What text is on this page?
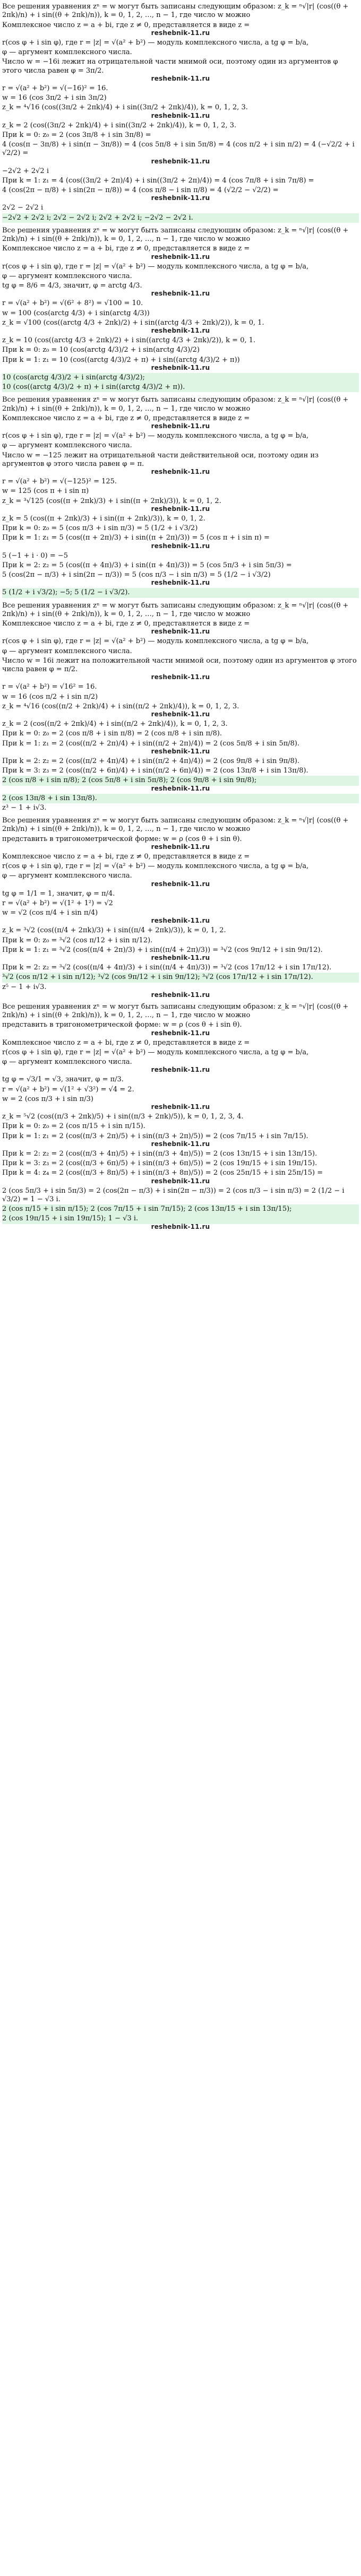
Все решения уравнения zⁿ = w могут быть записаны следующим образом: z_k = ⁿ√|r| (cos((θ + 2πk)/n) + i sin((θ + 2πk)/n)), k = 0, 1, 2, …, n − 1, где число w можно
Комплексное число z = a + bi, где z ≠ 0, представляется в виде z =
reshebnik-11.ru
r(cos φ + i sin φ), где r = |z| = √(a² + b²) — модуль комплексного числа, а tg φ = b/a,
φ — аргумент комплексного числа.
Число w = −16i лежит на отрицательной части мнимой оси, поэтому один из аргументов φ этого числа равен φ = 3π/2.
reshebnik-11.ru
r = √(a² + b²) = √(−16)² = 16.
w = 16 (cos 3π/2 + i sin 3π/2)
z_k = ⁴√16 (cos((3π/2 + 2πk)/4) + i sin((3π/2 + 2πk)/4)), k = 0, 1, 2, 3.
reshebnik-11.ru
z_k = 2 (cos((3π/2 + 2πk)/4) + i sin((3π/2 + 2πk)/4)), k = 0, 1, 2, 3.
При k = 0: z₀ = 2 (cos 3π/8 + i sin 3π/8) =
4 (cos(π − 3π/8) + i sin(π − 3π/8)) = 4 (cos 5π/8 + i sin 5π/8) = 4 (cos π/2 + i sin π/2) = 4 (−√2/2 + i √2/2) =
reshebnik-11.ru
−2√2 + 2√2 i
При k = 1: z₁ = 4 (cos((3π/2 + 2π)/4) + i sin((3π/2 + 2π)/4)) = 4 (cos 7π/8 + i sin 7π/8) =
4 (cos(2π − π/8) + i sin(2π − π/8)) = 4 (cos π/8 − i sin π/8) = 4 (√2/2 − √2/2) =
reshebnik-11.ru
2√2 − 2√2 i
−2√2 + 2√2 i; 2√2 − 2√2 i; 2√2 + 2√2 i; −2√2 − 2√2 i.
Все решения уравнения zⁿ = w могут быть записаны следующим образом: z_k = ⁿ√|r| (cos((θ + 2πk)/n) + i sin((θ + 2πk)/n)), k = 0, 1, 2, …, n − 1, где число w можно
Комплексное число z = a + bi, где z ≠ 0, представляется в виде z =
reshebnik-11.ru
r(cos φ + i sin φ), где r = |z| = √(a² + b²) — модуль комплексного числа, а tg φ = b/a,
φ — аргумент комплексного числа.
tg φ = 8/6 = 4/3, значит, φ = arctg 4/3.
reshebnik-11.ru
r = √(a² + b²) = √(6² + 8²) = √100 = 10.
w = 100 (cos(arctg 4/3) + i sin(arctg 4/3))
z_k = √100 (cos((arctg 4/3 + 2πk)/2) + i sin((arctg 4/3 + 2πk)/2)), k = 0, 1.
reshebnik-11.ru
z_k = 10 (cos((arctg 4/3 + 2πk)/2) + i sin((arctg 4/3 + 2πk)/2)), k = 0, 1.
При k = 0: z₀ = 10 (cos(arctg 4/3)/2 + i sin(arctg 4/3)/2)
При k = 1: z₁ = 10 (cos((arctg 4/3)/2 + π) + i sin((arctg 4/3)/2 + π))
reshebnik-11.ru
10 (cos(arctg 4/3)/2 + i sin(arctg 4/3)/2);
10 (cos((arctg 4/3)/2 + π) + i sin((arctg 4/3)/2 + π)).
Все решения уравнения zⁿ = w могут быть записаны следующим образом: z_k = ⁿ√|r| (cos((θ + 2πk)/n) + i sin((θ + 2πk)/n)), k = 0, 1, 2, …, n − 1, где число w можно
Комплексное число z = a + bi, где z ≠ 0, представляется в виде z =
reshebnik-11.ru
r(cos φ + i sin φ), где r = |z| = √(a² + b²) — модуль комплексного числа, а tg φ = b/a,
φ — аргумент комплексного числа.
Число w = −125 лежит на отрицательной части действительной оси, поэтому один из аргументов φ этого числа равен φ = π.
reshebnik-11.ru
r = √(a² + b²) = √(−125)² = 125.
w = 125 (cos π + i sin π)
z_k = ³√125 (cos((π + 2πk)/3) + i sin((π + 2πk)/3)), k = 0, 1, 2.
reshebnik-11.ru
z_k = 5 (cos((π + 2πk)/3) + i sin((π + 2πk)/3)), k = 0, 1, 2.
При k = 0: z₀ = 5 (cos π/3 + i sin π/3) = 5 (1/2 + i √3/2)
При k = 1: z₁ = 5 (cos((π + 2π)/3) + i sin((π + 2π)/3)) = 5 (cos π + i sin π) =
reshebnik-11.ru
5 (−1 + i · 0) = −5
При k = 2: z₂ = 5 (cos((π + 4π)/3) + i sin((π + 4π)/3)) = 5 (cos 5π/3 + i sin 5π/3) =
5 (cos(2π − π/3) + i sin(2π − π/3)) = 5 (cos π/3 − i sin π/3) = 5 (1/2 − i √3/2)
reshebnik-11.ru
5 (1/2 + i √3/2); −5; 5 (1/2 − i √3/2).
Все решения уравнения zⁿ = w могут быть записаны следующим образом: z_k = ⁿ√|r| (cos((θ + 2πk)/n) + i sin((θ + 2πk)/n)), k = 0, 1, 2, …, n − 1, где число w можно
Комплексное число z = a + bi, где z ≠ 0, представляется в виде z =
reshebnik-11.ru
r(cos φ + i sin φ), где r = |z| = √(a² + b²) — модуль комплексного числа, а tg φ = b/a,
φ — аргумент комплексного числа.
Число w = 16i лежит на положительной части мнимой оси, поэтому один из аргументов φ этого числа равен φ = π/2.
reshebnik-11.ru
r = √(a² + b²) = √16² = 16.
w = 16 (cos π/2 + i sin π/2)
z_k = ⁴√16 (cos((π/2 + 2πk)/4) + i sin((π/2 + 2πk)/4)), k = 0, 1, 2, 3.
reshebnik-11.ru
z_k = 2 (cos((π/2 + 2πk)/4) + i sin((π/2 + 2πk)/4)), k = 0, 1, 2, 3.
При k = 0: z₀ = 2 (cos π/8 + i sin π/8) = 2 (cos π/8 + i sin π/8).
При k = 1: z₁ = 2 (cos((π/2 + 2π)/4) + i sin((π/2 + 2π)/4)) = 2 (cos 5π/8 + i sin 5π/8).
reshebnik-11.ru
При k = 2: z₂ = 2 (cos((π/2 + 4π)/4) + i sin((π/2 + 4π)/4)) = 2 (cos 9π/8 + i sin 9π/8).
При k = 3: z₃ = 2 (cos((π/2 + 6π)/4) + i sin((π/2 + 6π)/4)) = 2 (cos 13π/8 + i sin 13π/8).
2 (cos π/8 + i sin π/8); 2 (cos 5π/8 + i sin 5π/8); 2 (cos 9π/8 + i sin 9π/8);
reshebnik-11.ru
2 (cos 13π/8 + i sin 13π/8).
z³ − 1 + i√3.
Все решения уравнения zⁿ = w могут быть записаны следующим образом: z_k = ⁿ√|r| (cos((θ + 2πk)/n) + i sin((θ + 2πk)/n)), k = 0, 1, 2, …, n − 1, где число w можно
представить в тригонометрической форме: w = ρ (cos θ + i sin θ).
reshebnik-11.ru
Комплексное число z = a + bi, где z ≠ 0, представляется в виде z =
r(cos φ + i sin φ), где r = |z| = √(a² + b²) — модуль комплексного числа, а tg φ = b/a,
φ — аргумент комплексного числа.
reshebnik-11.ru
tg φ = 1/1 = 1, значит, φ = π/4.
r = √(a² + b²) = √(1² + 1²) = √2
w = √2 (cos π/4 + i sin π/4)
reshebnik-11.ru
z_k = ³√2 (cos((π/4 + 2πk)/3) + i sin((π/4 + 2πk)/3)), k = 0, 1, 2.
При k = 0: z₀ = ³√2 (cos π/12 + i sin π/12).
При k = 1: z₁ = ³√2 (cos((π/4 + 2π)/3) + i sin((π/4 + 2π)/3)) = ³√2 (cos 9π/12 + i sin 9π/12).
reshebnik-11.ru
При k = 2: z₂ = ³√2 (cos((π/4 + 4π)/3) + i sin((π/4 + 4π)/3)) = ³√2 (cos 17π/12 + i sin 17π/12).
³√2 (cos π/12 + i sin π/12); ³√2 (cos 9π/12 + i sin 9π/12); ³√2 (cos 17π/12 + i sin 17π/12).
z⁵ − 1 + i√3.
reshebnik-11.ru
Все решения уравнения zⁿ = w могут быть записаны следующим образом: z_k = ⁿ√|r| (cos((θ + 2πk)/n) + i sin((θ + 2πk)/n)), k = 0, 1, 2, …, n − 1, где число w можно
представить в тригонометрической форме: w = ρ (cos θ + i sin θ).
reshebnik-11.ru
Комплексное число z = a + bi, где z ≠ 0, представляется в виде z =
r(cos φ + i sin φ), где r = |z| = √(a² + b²) — модуль комплексного числа, а tg φ = b/a,
φ — аргумент комплексного числа.
reshebnik-11.ru
tg φ = √3/1 = √3, значит, φ = π/3.
r = √(a² + b²) = √(1² + √3²) = √4 = 2.
w = 2 (cos π/3 + i sin π/3)
reshebnik-11.ru
z_k = ⁵√2 (cos((π/3 + 2πk)/5) + i sin((π/3 + 2πk)/5)), k = 0, 1, 2, 3, 4.
При k = 0: z₀ = 2 (cos π/15 + i sin π/15).
При k = 1: z₁ = 2 (cos((π/3 + 2π)/5) + i sin((π/3 + 2π)/5)) = 2 (cos 7π/15 + i sin 7π/15).
reshebnik-11.ru
При k = 2: z₂ = 2 (cos((π/3 + 4π)/5) + i sin((π/3 + 4π)/5)) = 2 (cos 13π/15 + i sin 13π/15).
При k = 3: z₃ = 2 (cos((π/3 + 6π)/5) + i sin((π/3 + 6π)/5)) = 2 (cos 19π/15 + i sin 19π/15).
При k = 4: z₄ = 2 (cos((π/3 + 8π)/5) + i sin((π/3 + 8π)/5)) = 2 (cos 25π/15 + i sin 25π/15) =
reshebnik-11.ru
2 (cos 5π/3 + i sin 5π/3) = 2 (cos(2π − π/3) + i sin(2π − π/3)) = 2 (cos π/3 − i sin π/3) = 2 (1/2 − i √3/2) = 1 − √3 i.
2 (cos π/15 + i sin π/15); 2 (cos 7π/15 + i sin 7π/15); 2 (cos 13π/15 + i sin 13π/15);
2 (cos 19π/15 + i sin 19π/15); 1 − √3 i.
reshebnik-11.ru
